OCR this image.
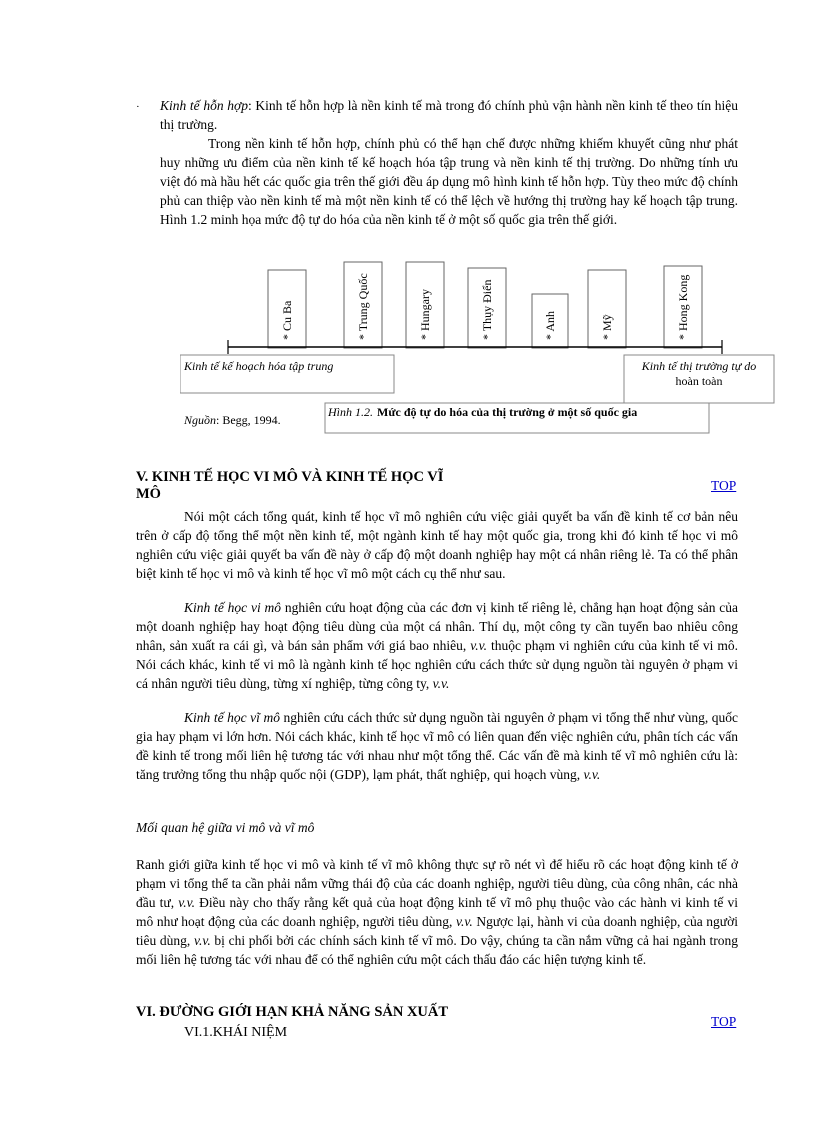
· Kinh tế hỗn hợp: Kinh tế hỗn hợp là nền kinh tế mà trong đó chính phủ vận hành nền kinh tế theo tín hiệu thị trường.

Trong nền kinh tế hỗn hợp, chính phủ có thể hạn chế được những khiếm khuyết cũng như phát huy những ưu điểm của nền kinh tế kế hoạch hóa tập trung và nền kinh tế thị trường. Do những tính ưu việt đó mà hầu hết các quốc gia trên thế giới đều áp dụng mô hình kinh tế hỗn hợp. Tùy theo mức độ chính phủ can thiệp vào nền kinh tế mà một nền kinh tế có thể lệch về hướng thị trường hay kế hoạch tập trung. Hình 1.2 minh họa mức độ tự do hóa của nền kinh tế ở một số quốc gia trên thế giới.

* Cu Ba	* Trung Quốc	* Hungary	* Thụy Điển	* Anh	* Mỹ	* Hong Kong
Kinh tế kế hoạch hóa tập trung	Kinh tế thị trường tự do
hoàn toàn
Nguồn: Begg, 1994.
Hình 1.2. Mức độ tự do hóa của thị trường ở một số quốc gia
V. KINH TẾ HỌC VI MÔ VÀ KINH TẾ HỌC VĨ
MÔ
TOP

Nói một cách tổng quát, kinh tế học vĩ mô nghiên cứu việc giải quyết ba vấn đề kinh tế cơ bản nêu trên ở cấp độ tổng thể một nền kinh tế, một ngành kinh tế hay một quốc gia, trong khi đó kinh tế học vi mô nghiên cứu việc giải quyết ba vấn đề này ở cấp độ một doanh nghiệp hay một cá nhân riêng lẻ. Ta có thể phân biệt kinh tế học vi mô và kinh tế học vĩ mô một cách cụ thể như sau.

Kinh tế học vi mô nghiên cứu hoạt động của các đơn vị kinh tế riêng lẻ, chẳng hạn hoạt động sản của một doanh nghiệp hay hoạt động tiêu dùng của một cá nhân. Thí dụ, một công ty cần tuyển bao nhiêu công nhân, sản xuất ra cái gì, và bán sản phẩm với giá bao nhiêu, v.v. thuộc phạm vi nghiên cứu của kinh tế vi mô. Nói cách khác, kinh tế vi mô là ngành kinh tế học nghiên cứu cách thức sử dụng nguồn tài nguyên ở phạm vi cá nhân người tiêu dùng, từng xí nghiệp, từng công ty, v.v.

Kinh tế học vĩ mô nghiên cứu cách thức sử dụng nguồn tài nguyên ở phạm vi tổng thể như vùng, quốc gia hay phạm vi lớn hơn. Nói cách khác, kinh tế học vĩ mô có liên quan đến việc nghiên cứu, phân tích các vấn đề kinh tế trong mối liên hệ tương tác với nhau như một tổng thể. Các vấn đề mà kinh tế vĩ mô nghiên cứu là: tăng trưởng tổng thu nhập quốc nội (GDP), lạm phát, thất nghiệp, qui hoạch vùng, v.v.

Mối quan hệ giữa vi mô và vĩ mô

Ranh giới giữa kinh tế học vi mô và kinh tế vĩ mô không thực sự rõ nét vì để hiểu rõ các hoạt động kinh tế ở phạm vi tổng thể ta cần phải nắm vững thái độ của các doanh nghiệp, người tiêu dùng, của công nhân, các nhà đầu tư, v.v. Điều này cho thấy rằng kết quả của hoạt động kinh tế vĩ mô phụ thuộc vào các hành vi kinh tế vi mô như hoạt động của các doanh nghiệp, người tiêu dùng, v.v. Ngược lại, hành vi của doanh nghiệp, của người tiêu dùng, v.v. bị chi phối bởi các chính sách kinh tế vĩ mô. Do vậy, chúng ta cần nắm vững cả hai ngành trong mối liên hệ tương tác với nhau để có thể nghiên cứu một cách thấu đáo các hiện tượng kinh tế.

VI. ĐƯỜNG GIỚI HẠN KHẢ NĂNG SẢN XUẤT
TOP
VI.1.KHÁI NIỆM
